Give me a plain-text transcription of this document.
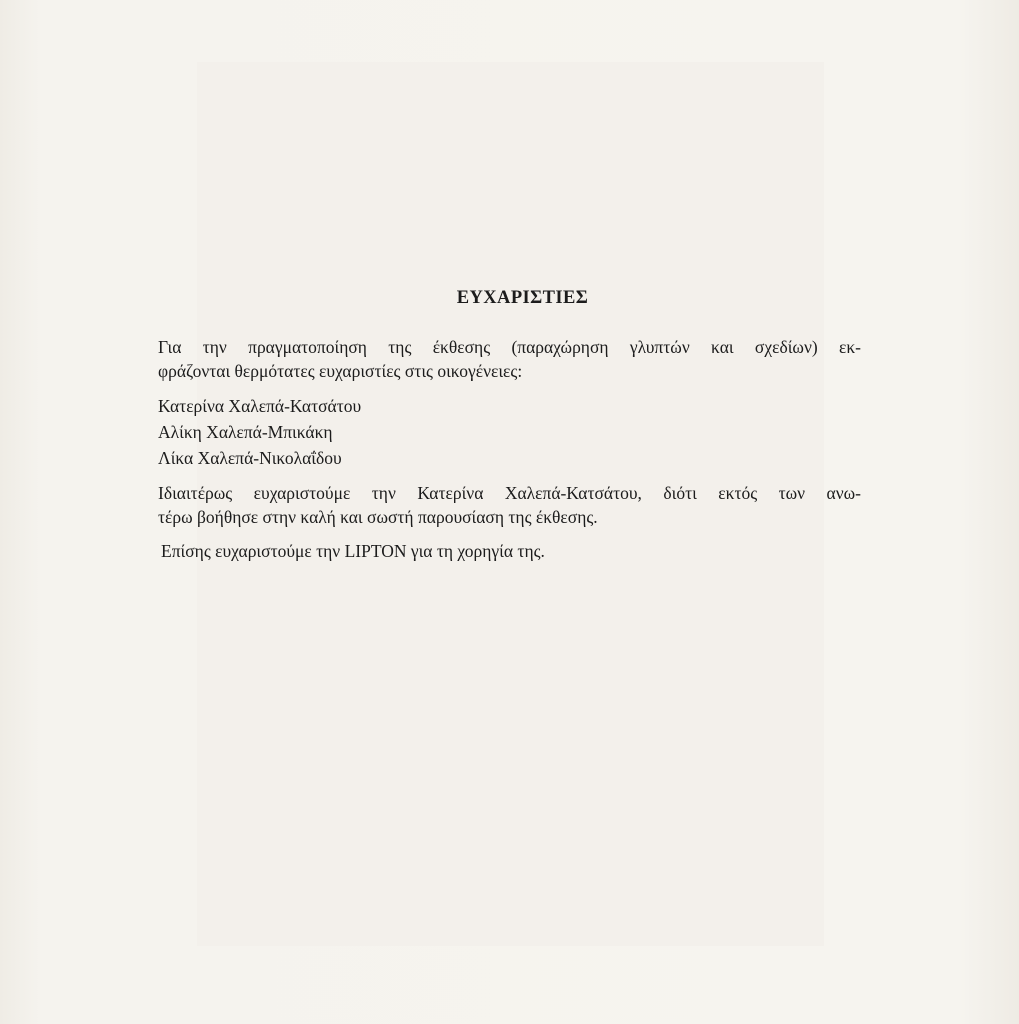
ΕΥΧΑΡΙΣΤΙΕΣ

Για την πραγματοποίηση της έκθεσης (παραχώρηση γλυπτών και σχεδίων) εκ-
φράζονται θερμότατες ευχαριστίες στις οικογένειες:

Κατερίνα Χαλεπά-Κατσάτου
Αλίκη Χαλεπά-Μπικάκη
Λίκα Χαλεπά-Νικολαΐδου

Ιδιαιτέρως ευχαριστούμε την Κατερίνα Χαλεπά-Κατσάτου, διότι εκτός των ανω-
τέρω βοήθησε στην καλή και σωστή παρουσίαση της έκθεσης.

Επίσης ευχαριστούμε την LIPTON για τη χορηγία της.
